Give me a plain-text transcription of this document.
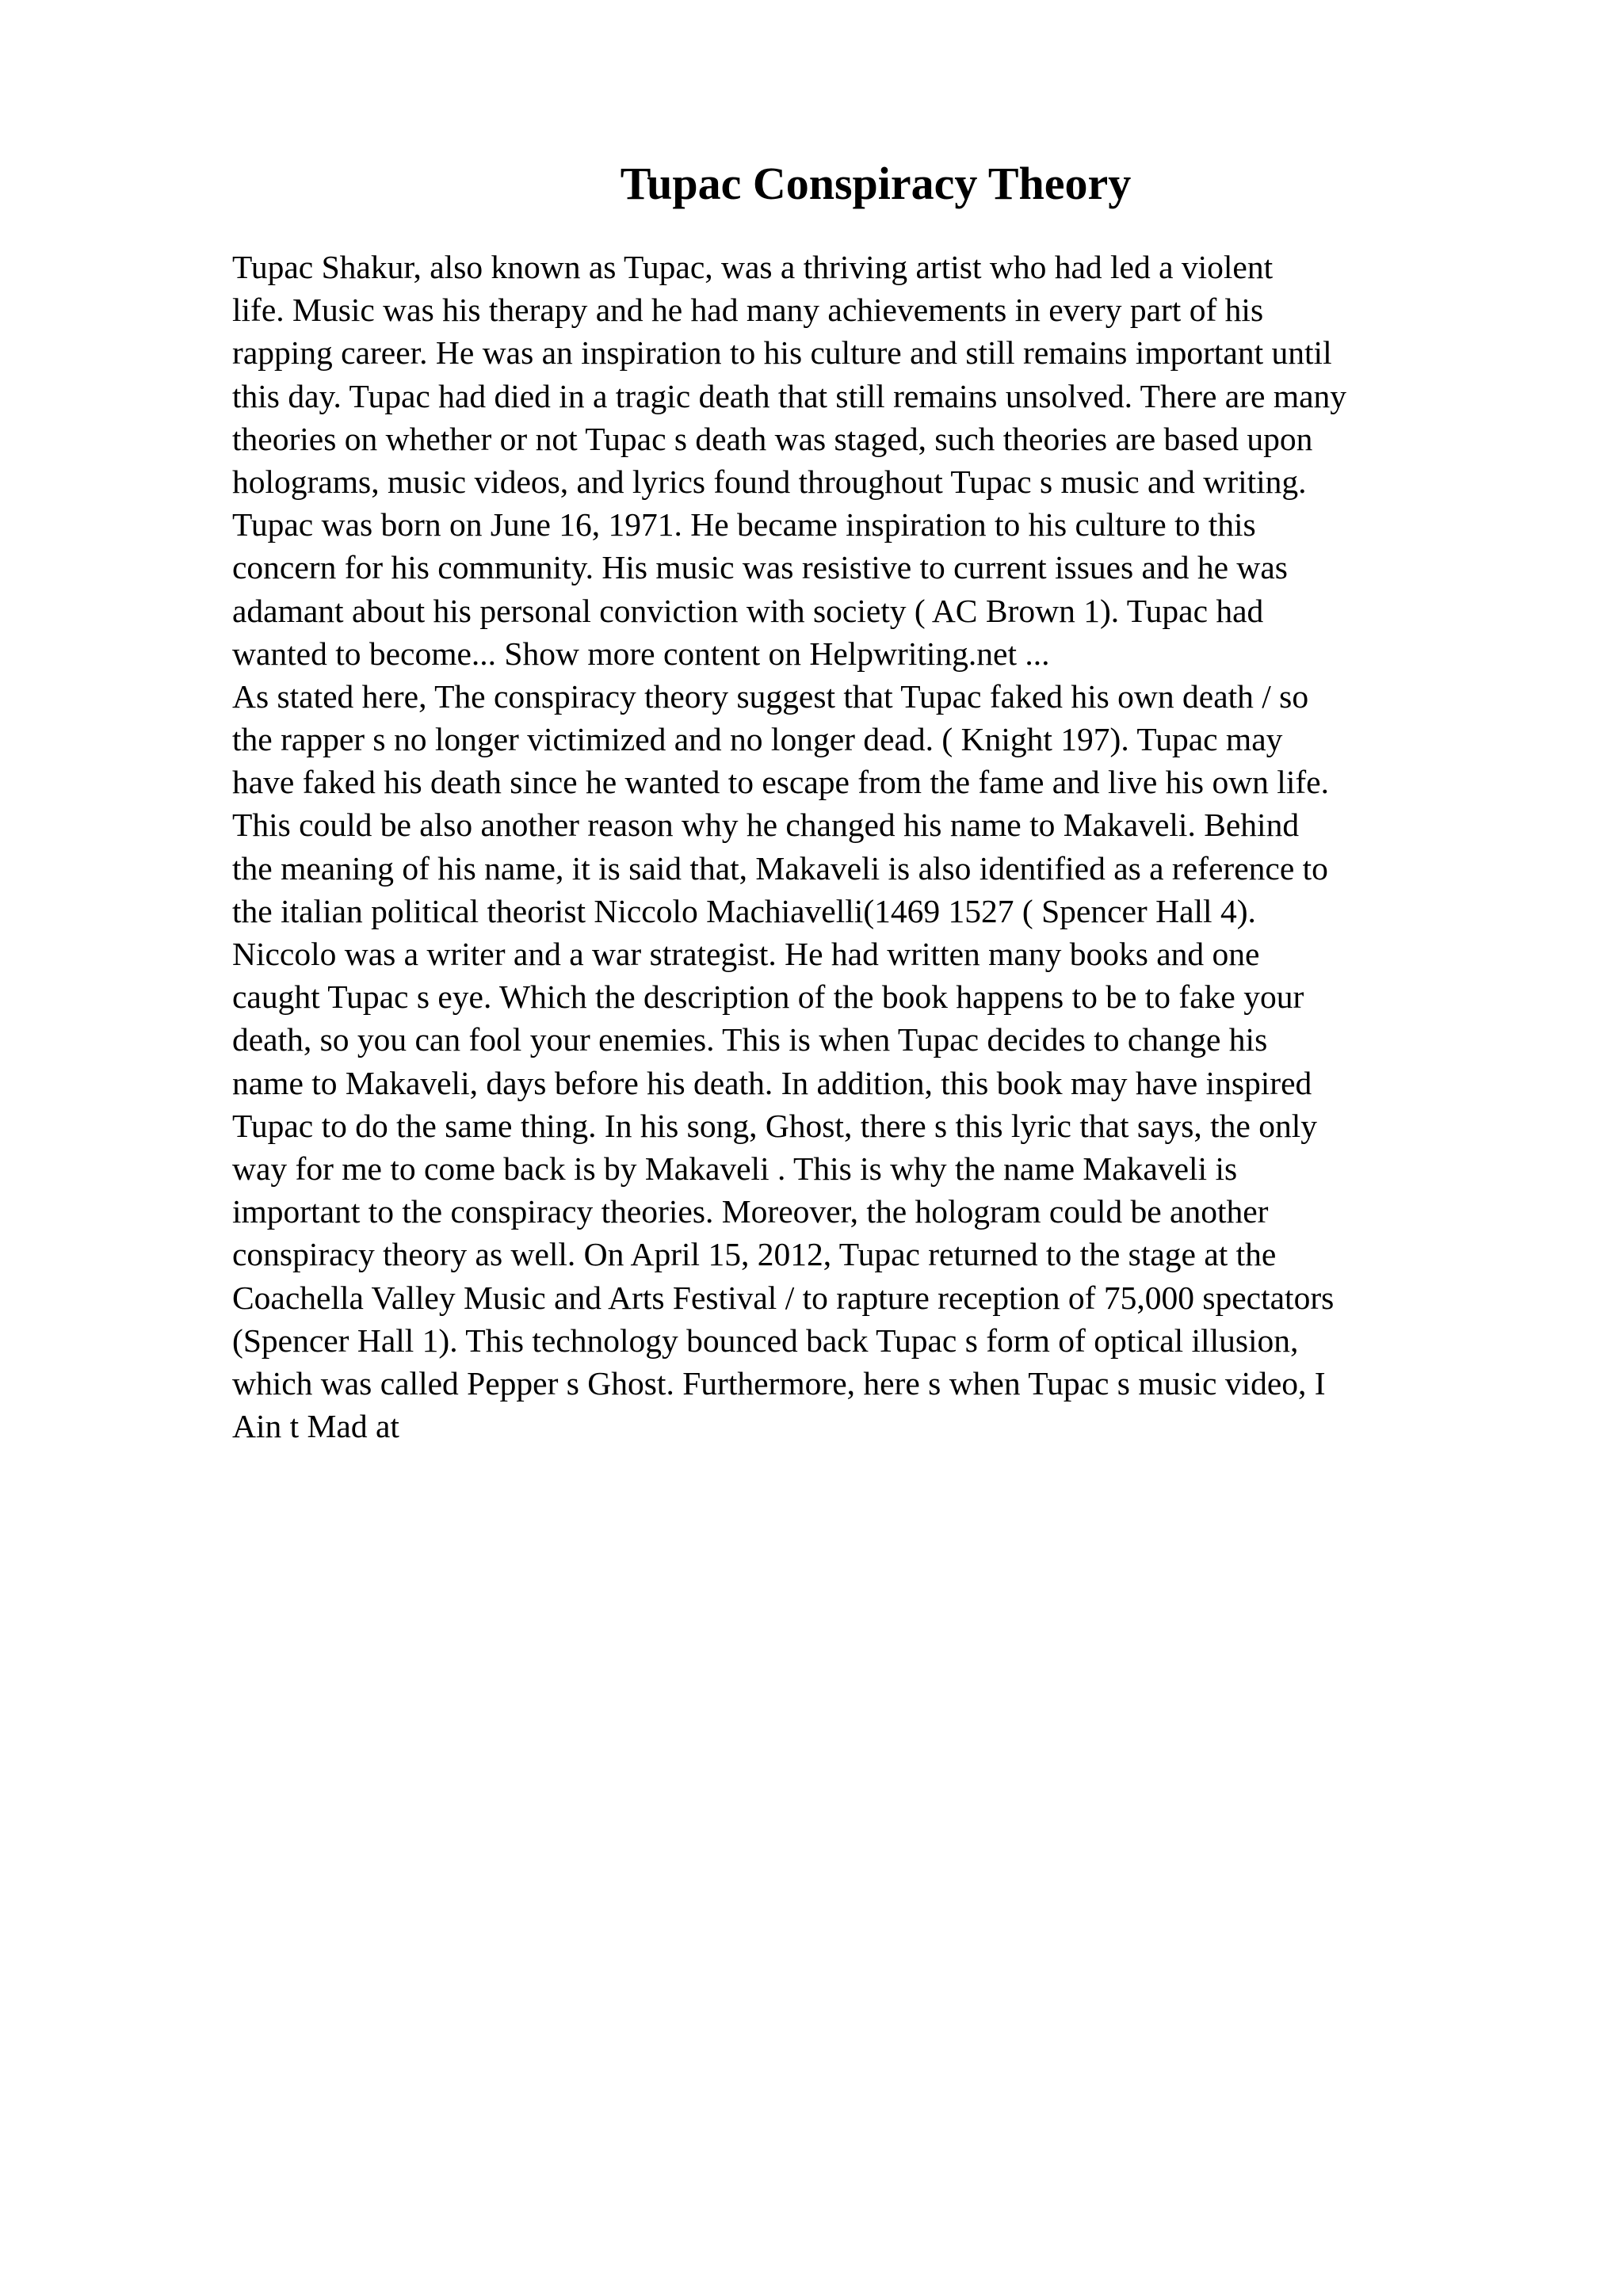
Tupac Conspiracy Theory
Tupac Shakur, also known as Tupac, was a thriving artist who had led a violent
life. Music was his therapy and he had many achievements in every part of his
rapping career. He was an inspiration to his culture and still remains important until
this day. Tupac had died in a tragic death that still remains unsolved. There are many
theories on whether or not Tupac s death was staged, such theories are based upon
holograms, music videos, and lyrics found throughout Tupac s music and writing.
Tupac was born on June 16, 1971. He became inspiration to his culture to this
concern for his community. His music was resistive to current issues and he was
adamant about his personal conviction with society ( AC Brown 1). Tupac had
wanted to become... Show more content on Helpwriting.net ...
As stated here, The conspiracy theory suggest that Tupac faked his own death / so
the rapper s no longer victimized and no longer dead. ( Knight 197). Tupac may
have faked his death since he wanted to escape from the fame and live his own life.
This could be also another reason why he changed his name to Makaveli. Behind
the meaning of his name, it is said that, Makaveli is also identified as a reference to
the italian political theorist Niccolo Machiavelli(1469 1527 ( Spencer Hall 4).
Niccolo was a writer and a war strategist. He had written many books and one
caught Tupac s eye. Which the description of the book happens to be to fake your
death, so you can fool your enemies. This is when Tupac decides to change his
name to Makaveli, days before his death. In addition, this book may have inspired
Tupac to do the same thing. In his song, Ghost, there s this lyric that says, the only
way for me to come back is by Makaveli . This is why the name Makaveli is
important to the conspiracy theories. Moreover, the hologram could be another
conspiracy theory as well. On April 15, 2012, Tupac returned to the stage at the
Coachella Valley Music and Arts Festival / to rapture reception of 75,000 spectators
(Spencer Hall 1). This technology bounced back Tupac s form of optical illusion,
which was called Pepper s Ghost. Furthermore, here s when Tupac s music video, I
Ain t Mad at
